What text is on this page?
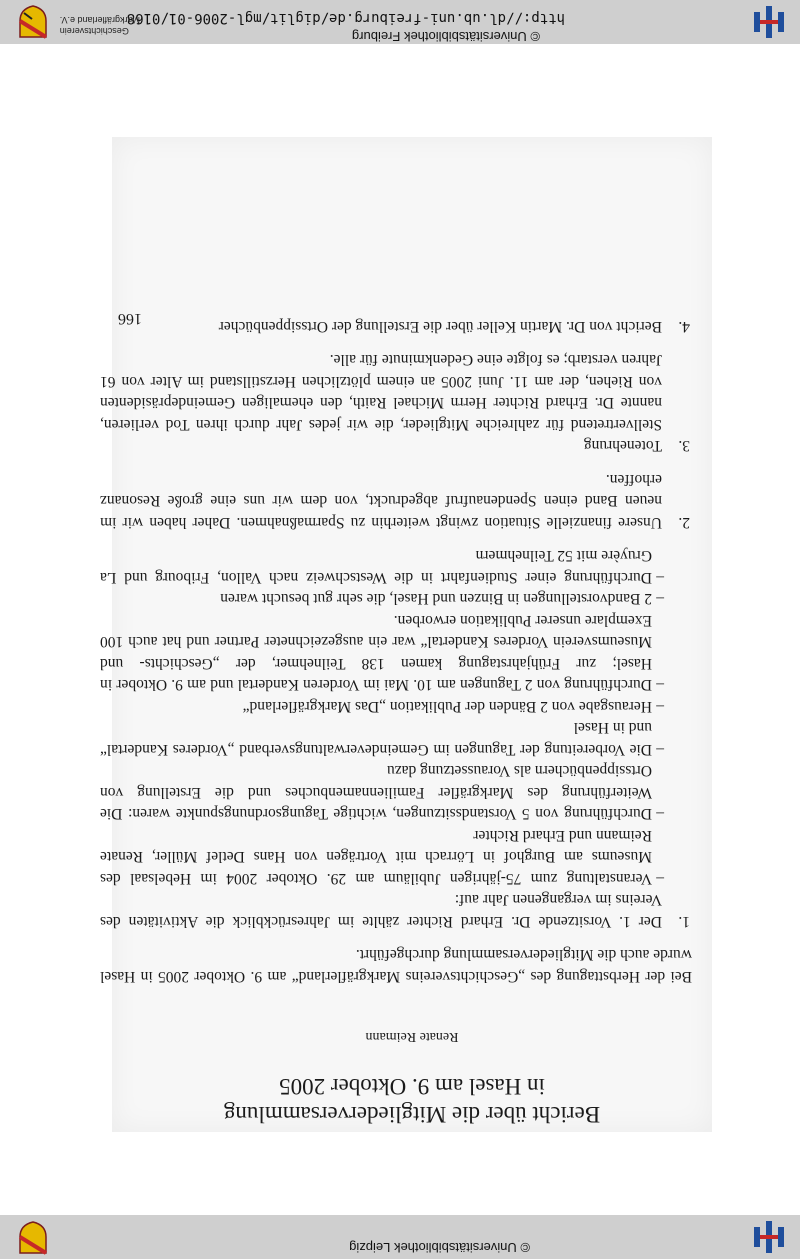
© Universitätsbibliothek Leipzig
Bericht über die Mitgliederversammlung
in Hasel am 9. Oktober 2005
Renate Reimann

Bei der Herbsttagung des „Geschichtsvereins Markgräflerland“ am 9. Oktober 2005 in Hasel wurde auch die Mitgliederversammlung durchgeführt.

1.

Der 1. Vorsitzende Dr. Erhard Richter zählte im Jahresrückblick die Aktivitäten des Vereins im vergangenen Jahr auf:

– Veranstaltung zum 75-jährigen Jubiläum am 29. Oktober 2004 im Hebelsaal des Museums am Burghof in Lörrach mit Vorträgen von Hans Detlef Müller, Renate Reimann und Erhard Richter

– Durchführung von 5 Vorstandssitzungen, wichtige Tagungsordnungspunkte waren: Die Weiterführung des Markgräfler Familiennamenbuches und die Erstellung von Ortssippenbüchern als Voraussetzung dazu

– Die Vorbereitung der Tagungen im Gemeindeverwaltungsverband „Vorderes Kandertal“ und in Hasel

– Herausgabe von 2 Bänden der Publikation „Das Markgräflerland“

– Durchführung von 2 Tagungen am 10. Mai im Vorderen Kandertal und am 9. Oktober in Hasel; zur Frühjahrstagung kamen 138 Teilnehmer, der „Geschichts- und Museumsverein Vorderes Kandertal“ war ein ausgezeichneter Partner und hat auch 100 Exemplare unserer Publikation erworben.

– 2 Bandvorstellungen in Binzen und Hasel, die sehr gut besucht waren

– Durchführung einer Studienfahrt in die Westschweiz nach Vallon, Fribourg und La Gruyère mit 52 Teilnehmern

2.

Unsere finanzielle Situation zwingt weiterhin zu Sparmaßnahmen. Daher haben wir im neuen Band einen Spendenaufruf abgedruckt, von dem wir uns eine große Resonanz erhoffen.

3.

Totenehrung

Stellvertretend für zahlreiche Mitglieder, die wir jedes Jahr durch ihren Tod verlieren, nannte Dr. Erhard Richter Herrn Michael Raith, den ehemaligen Gemeindepräsidenten von Riehen, der am 11. Juni 2005 an einem plötzlichen Herzstillstand im Alter von 61 Jahren verstarb; es folgte eine Gedenkminute für alle.

4.

Bericht von Dr. Martin Keller über die Erstellung der Ortssippenbücher

166
© Universitätsbibliothek Freiburg
http://dl.ub.uni-freiburg.de/diglit/mgl-2006-01/0168
Geschichtsverein
Markgräflerland e.V.
